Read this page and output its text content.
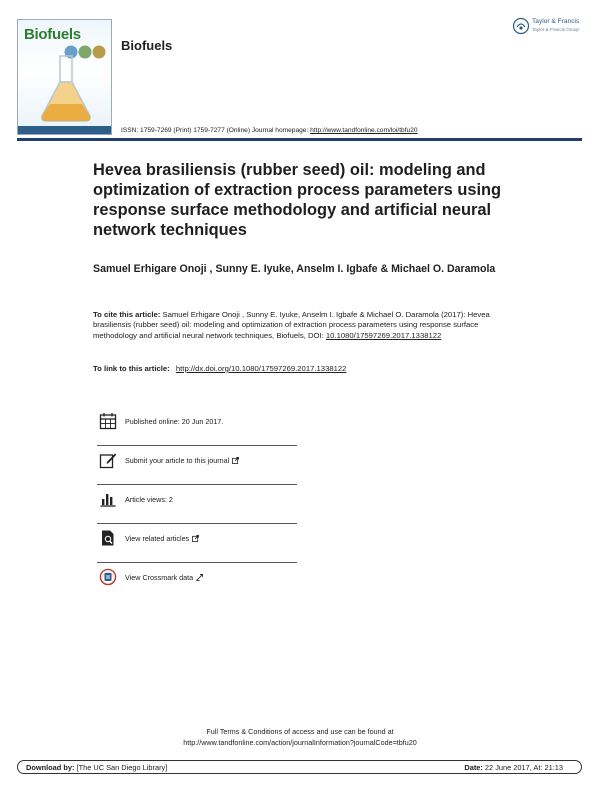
Biofuels
Biofuels
Taylor & Francis
Taylor & Francis Group
ISSN: 1759-7269 (Print) 1759-7277 (Online) Journal homepage: http://www.tandfonline.com/loi/tbfu20
Hevea brasiliensis (rubber seed) oil: modeling and optimization of extraction process parameters using response surface methodology and artificial neural network techniques
Samuel Erhigare Onoji , Sunny E. Iyuke, Anselm I. Igbafe & Michael O. Daramola
To cite this article: Samuel Erhigare Onoji , Sunny E. Iyuke, Anselm I. Igbafe & Michael O. Daramola (2017): Hevea brasiliensis (rubber seed) oil: modeling and optimization of extraction process parameters using response surface methodology and artificial neural network techniques, Biofuels, DOI: 10.1080/17597269.2017.1338122
To link to this article: http://dx.doi.org/10.1080/17597269.2017.1338122
Published online: 20 Jun 2017.
Submit your article to this journal
Article views: 2
View related articles
View Crossmark data
Full Terms & Conditions of access and use can be found at
http://www.tandfonline.com/action/journalInformation?journalCode=tbfu20
Download by: [The UC San Diego Library]	Date: 22 June 2017, At: 21:13
